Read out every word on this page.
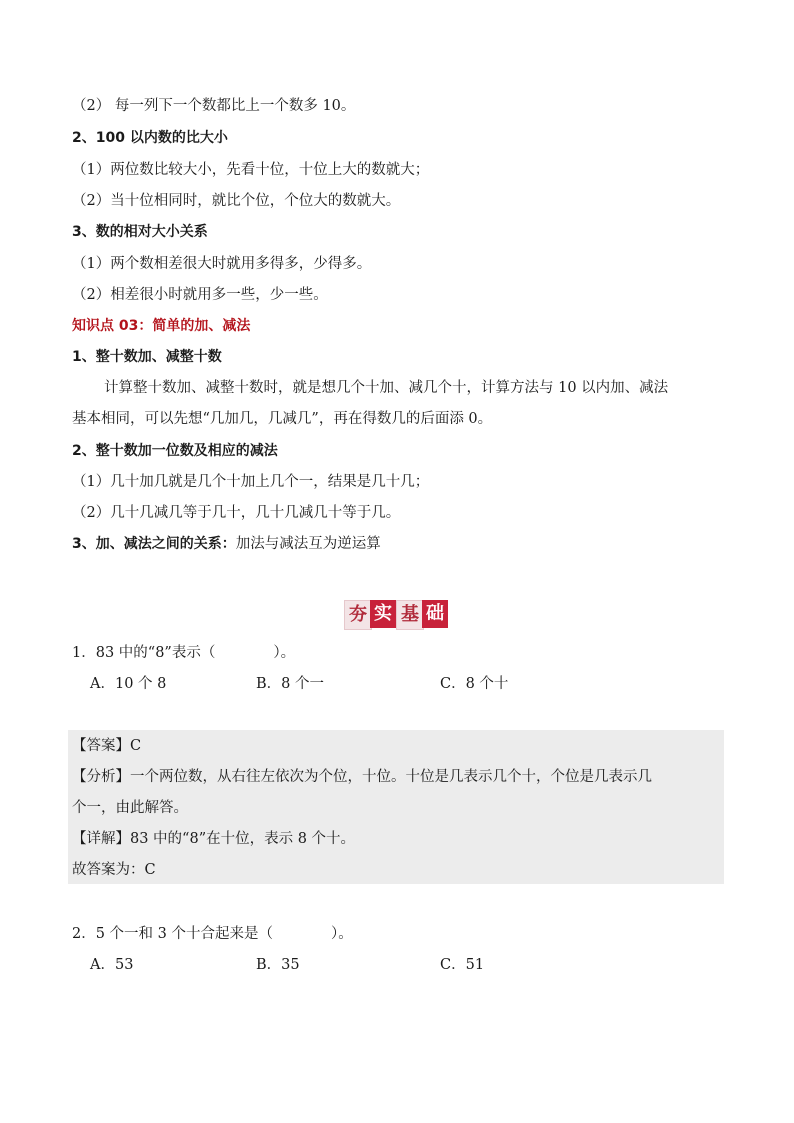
（2） 每一列下一个数都比上一个数多 10。
2、100 以内数的比大小
（1）两位数比较大小，先看十位，十位上大的数就大；
（2）当十位相同时，就比个位，个位大的数就大。
3、数的相对大小关系
（1）两个数相差很大时就用多得多，少得多。
（2）相差很小时就用多一些，少一些。
知识点 03：简单的加、减法
1、整十数加、减整十数
计算整十数加、减整十数时，就是想几个十加、减几个十，计算方法与 10 以内加、减法
基本相同，可以先想“几加几，几减几”，再在得数几的后面添 0。
2、整十数加一位数及相应的减法
（1）几十加几就是几个十加上几个一，结果是几十几；
（2）几十几减几等于几十，几十几减几十等于几。
3、加、减法之间的关系：加法与减法互为逆运算
夯 实 基 础
1．83 中的“8”表示（　　　　）。
A．10 个 8	B．8 个一	C．8 个十
【答案】C
【分析】一个两位数，从右往左依次为个位，十位。十位是几表示几个十，个位是几表示几
个一，由此解答。
【详解】83 中的“8”在十位，表示 8 个十。
故答案为：C
2．5 个一和 3 个十合起来是（　　　　）。
A．53	B．35	C．51
